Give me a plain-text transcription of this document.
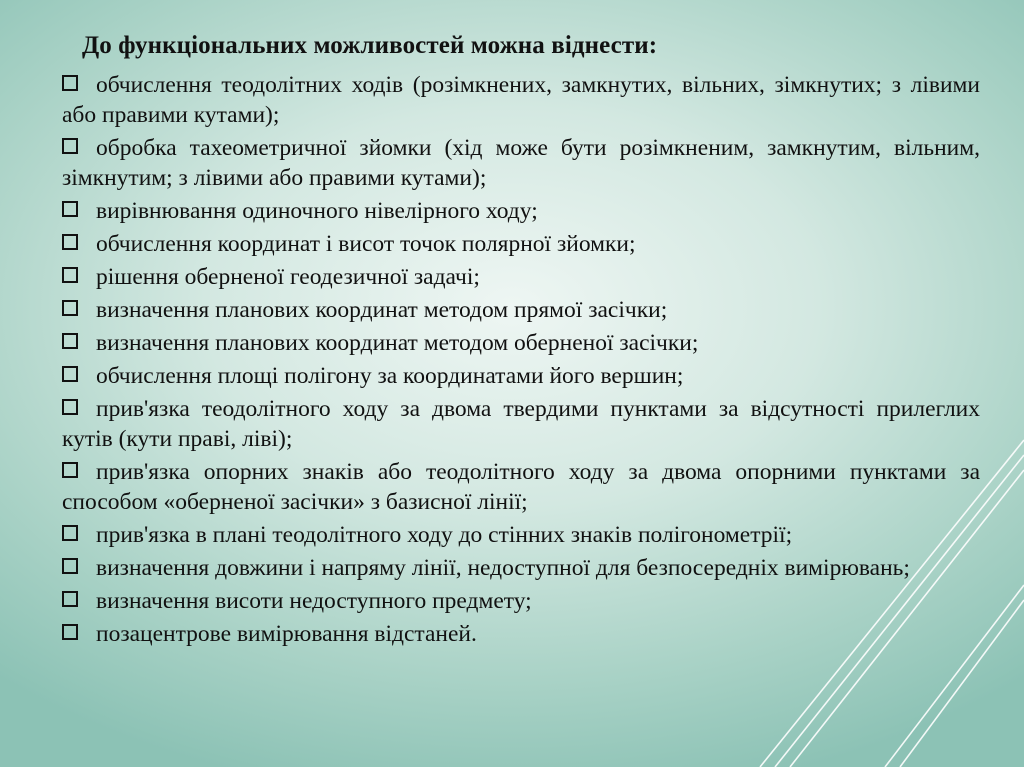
До функціональних можливостей можна віднести:
обчислення теодолітних ходів (розімкнених, замкнутих, вільних, зімкнутих; з лівими або правими кутами);
обробка тахеометричної зйомки (хід може бути розімкненим, замкнутим, вільним, зімкнутим; з лівими або правими кутами);
вирівнювання одиночного нівелірного ходу;
обчислення координат і висот точок полярної зйомки;
рішення оберненої геодезичної задачі;
визначення планових координат методом прямої засічки;
визначення планових координат методом оберненої засічки;
обчислення площі полігону за координатами його вершин;
прив'язка теодолітного ходу за двома твердими пунктами за відсутності прилеглих кутів (кути праві, ліві);
прив'язка опорних знаків або теодолітного ходу за двома опорними пунктами за способом «оберненої засічки» з базисної лінії;
прив'язка в плані теодолітного ходу до стінних знаків полігонометрії;
визначення довжини і напряму лінії, недоступної для безпосередніх вимірювань;
визначення висоти недоступного предмету;
позацентрове вимірювання відстаней.
